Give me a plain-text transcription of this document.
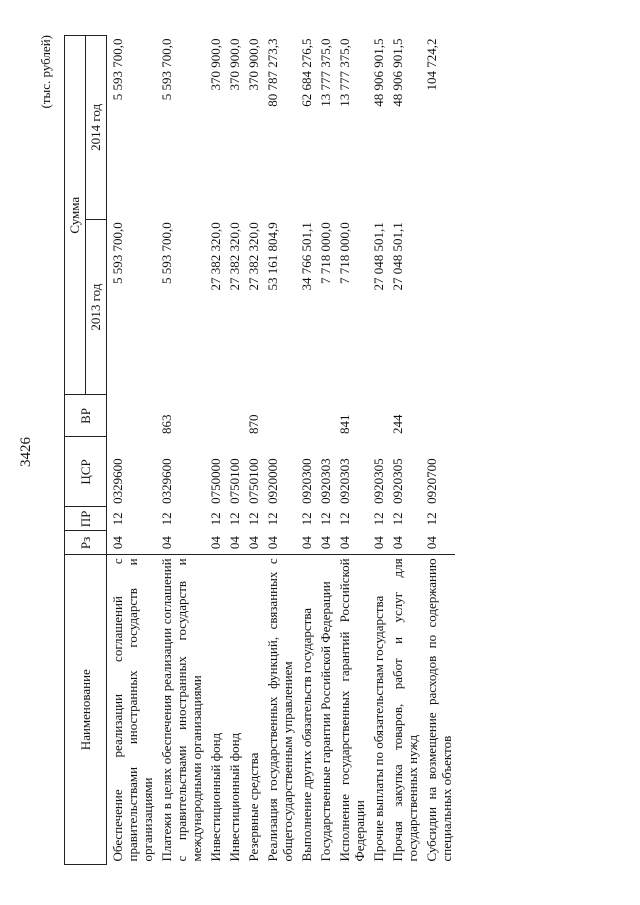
3426
(тыс. рублей)
Наименование	Рз	ПР	ЦСР	ВР	Сумма	
					2013 год	2014 год
Обеспечение реализации соглашений с правительствами иностранных государств и организациями	04	12	0329600		5 593 700,0	5 593 700,0
Платежи в целях обеспечения реализации соглашений с правительствами иностранных государств и международными организациями	04	12	0329600	863	5 593 700,0	5 593 700,0
Инвестиционный фонд	04	12	0750000		27 382 320,0	370 900,0
Инвестиционный фонд	04	12	0750100		27 382 320,0	370 900,0
Резервные средства	04	12	0750100	870	27 382 320,0	370 900,0
Реализация государственных функций, связанных с общегосударственным управлением	04	12	0920000		53 161 804,9	80 787 273,3
Выполнение других обязательств государства	04	12	0920300		34 766 501,1	62 684 276,5
Государственные гарантии Российской Федерации	04	12	0920303		7 718 000,0	13 777 375,0
Исполнение государственных гарантий Российской Федерации	04	12	0920303	841	7 718 000,0	13 777 375,0
Прочие выплаты по обязательствам государства	04	12	0920305		27 048 501,1	48 906 901,5
Прочая закупка товаров, работ и услуг для государственных нужд	04	12	0920305	244	27 048 501,1	48 906 901,5
Субсидии на возмещение расходов по содержанию специальных объектов	04	12	0920700			104 724,2
